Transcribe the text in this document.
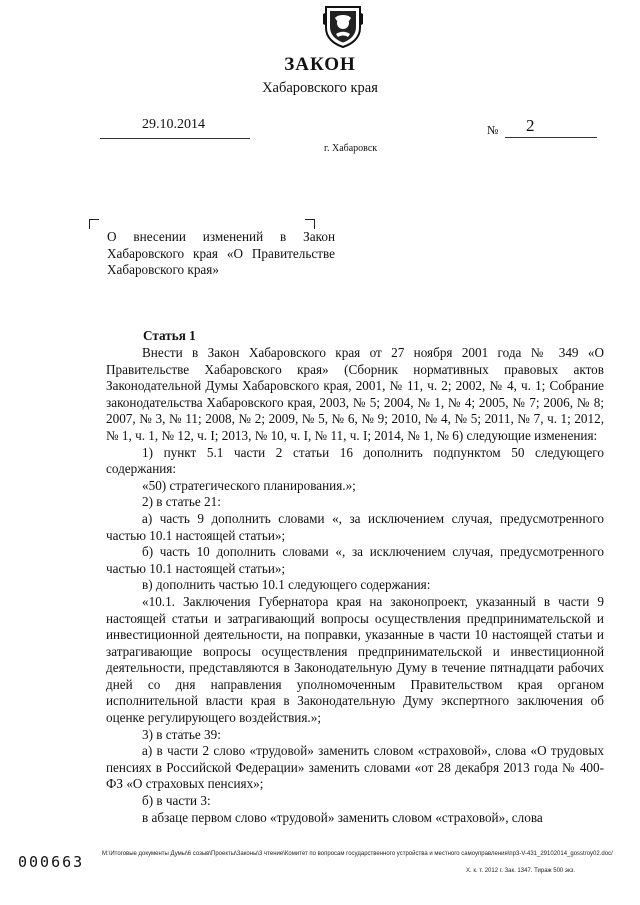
ЗАКОН
Хабаровского края
29.10.2014	№ 2
г. Хабаровск
О внесении изменений в Закон Хабаровского края «О Правительстве Хабаровского края»
Статья 1

Внести в Закон Хабаровского края от 27 ноября 2001 года № 349 «О Правительстве Хабаровского края» (Сборник нормативных правовых актов Законодательной Думы Хабаровского края, 2001, № 11, ч. 2; 2002, № 4, ч. 1; Собрание законодательства Хабаровского края, 2003, № 5; 2004, № 1, № 4; 2005, № 7; 2006, № 8; 2007, № 3, № 11; 2008, № 2; 2009, № 5, № 6, № 9; 2010, № 4, № 5; 2011, № 7, ч. 1; 2012, № 1, ч. 1, № 12, ч. I; 2013, № 10, ч. I, № 11, ч. I; 2014, № 1, № 6) следующие изменения:

1) пункт 5.1 части 2 статьи 16 дополнить подпунктом 50 следующего содержания:

«50) стратегического планирования.»;

2) в статье 21:

а) часть 9 дополнить словами «, за исключением случая, предусмотренного частью 10.1 настоящей статьи»;

б) часть 10 дополнить словами «, за исключением случая, предусмотренного частью 10.1 настоящей статьи»;

в) дополнить частью 10.1 следующего содержания:

«10.1. Заключения Губернатора края на законопроект, указанный в части 9 настоящей статьи и затрагивающий вопросы осуществления предпринимательской и инвестиционной деятельности, на поправки, указанные в части 10 настоящей статьи и затрагивающие вопросы осуществления предпринимательской и инвестиционной деятельности, представляются в Законодательную Думу в течение пятнадцати рабочих дней со дня направления уполномоченным Правительством края органом исполнительной власти края в Законодательную Думу экспертного заключения об оценке регулирующего воздействия.»;

3) в статье 39:

а) в части 2 слово «трудовой» заменить словом «страховой», слова «О трудовых пенсиях в Российской Федерации» заменить словами «от 28 декабря 2013 года № 400-ФЗ «О страховых пенсиях»;

б) в части 3:

в абзаце первом слово «трудовой» заменить словом «страховой», слова

000663	М:\Итоговые документы Думы\6 созыв\Проекты\Законы\3 чтение\Комитет по вопросам государственного устройства и местного самоуправления\пр3-V-431_29102014_gosstroy02.doc/
Х. к. т. 2012 г. Зак. 1347. Тираж 500 экз.
